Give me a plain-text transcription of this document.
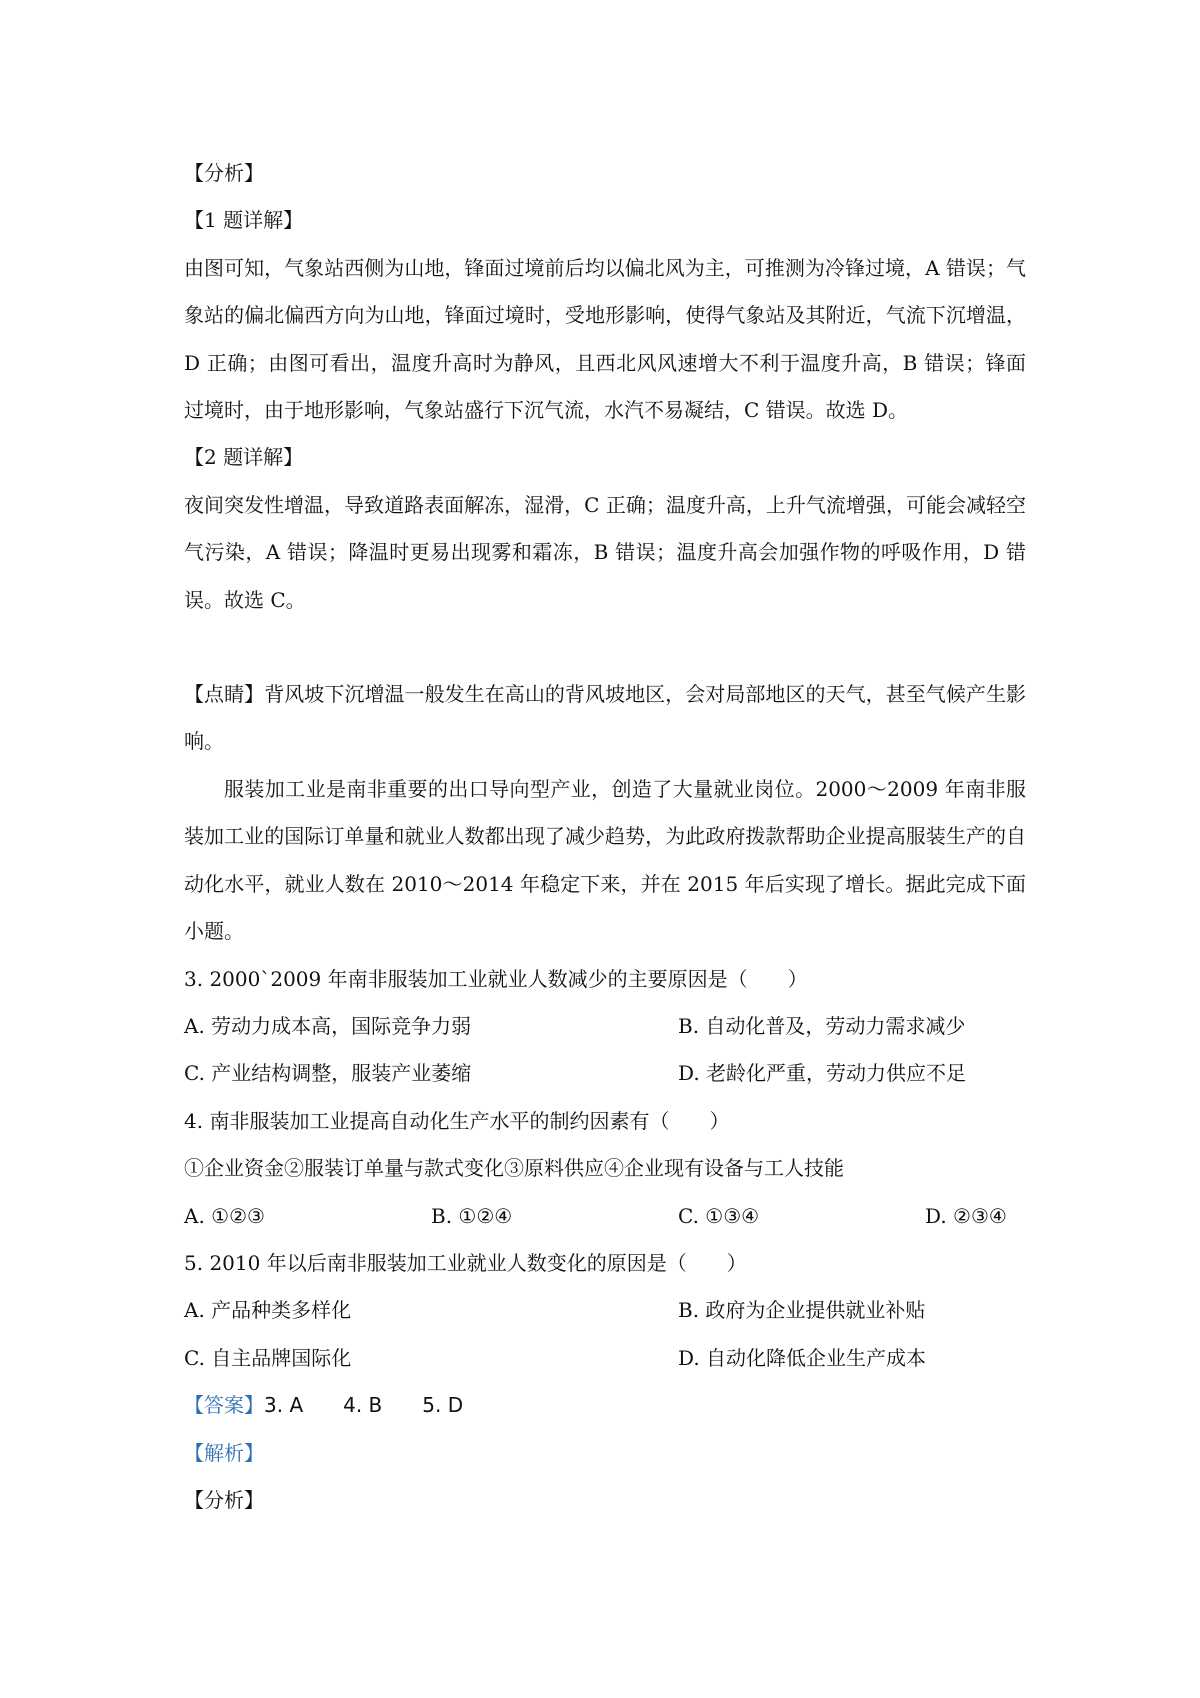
【分析】

【1 题详解】

由图可知，气象站西侧为山地，锋面过境前后均以偏北风为主，可推测为冷锋过境，A 错误；气象站的偏北偏西方向为山地，锋面过境时，受地形影响，使得气象站及其附近，气流下沉增温，D 正确；由图可看出，温度升高时为静风，且西北风风速增大不利于温度升高，B 错误；锋面过境时，由于地形影响，气象站盛行下沉气流，水汽不易凝结，C 错误。故选 D。

【2 题详解】

夜间突发性增温，导致道路表面解冻，湿滑，C 正确；温度升高，上升气流增强，可能会减轻空气污染，A 错误；降温时更易出现雾和霜冻，B 错误；温度升高会加强作物的呼吸作用，D 错误。故选 C。

【点睛】背风坡下沉增温一般发生在高山的背风坡地区，会对局部地区的天气，甚至气候产生影响。

服装加工业是南非重要的出口导向型产业，创造了大量就业岗位。2000～2009 年南非服装加工业的国际订单量和就业人数都出现了减少趋势，为此政府拨款帮助企业提高服装生产的自动化水平，就业人数在 2010～2014 年稳定下来，并在 2015 年后实现了增长。据此完成下面小题。

3. 2000`2009 年南非服装加工业就业人数减少的主要原因是（　　）

A. 劳动力成本高，国际竞争力弱	B. 自动化普及，劳动力需求减少
C. 产业结构调整，服装产业萎缩	D. 老龄化严重，劳动力供应不足

4. 南非服装加工业提高自动化生产水平的制约因素有（　　）

①企业资金②服装订单量与款式变化③原料供应④企业现有设备与工人技能

A. ①②③	B. ①②④	C. ①③④	D. ②③④

5. 2010 年以后南非服装加工业就业人数变化的原因是（　　）

A. 产品种类多样化	B. 政府为企业提供就业补贴
C. 自主品牌国际化	D. 自动化降低企业生产成本

【答案】3. A　　4. B　　5. D

【解析】

【分析】
